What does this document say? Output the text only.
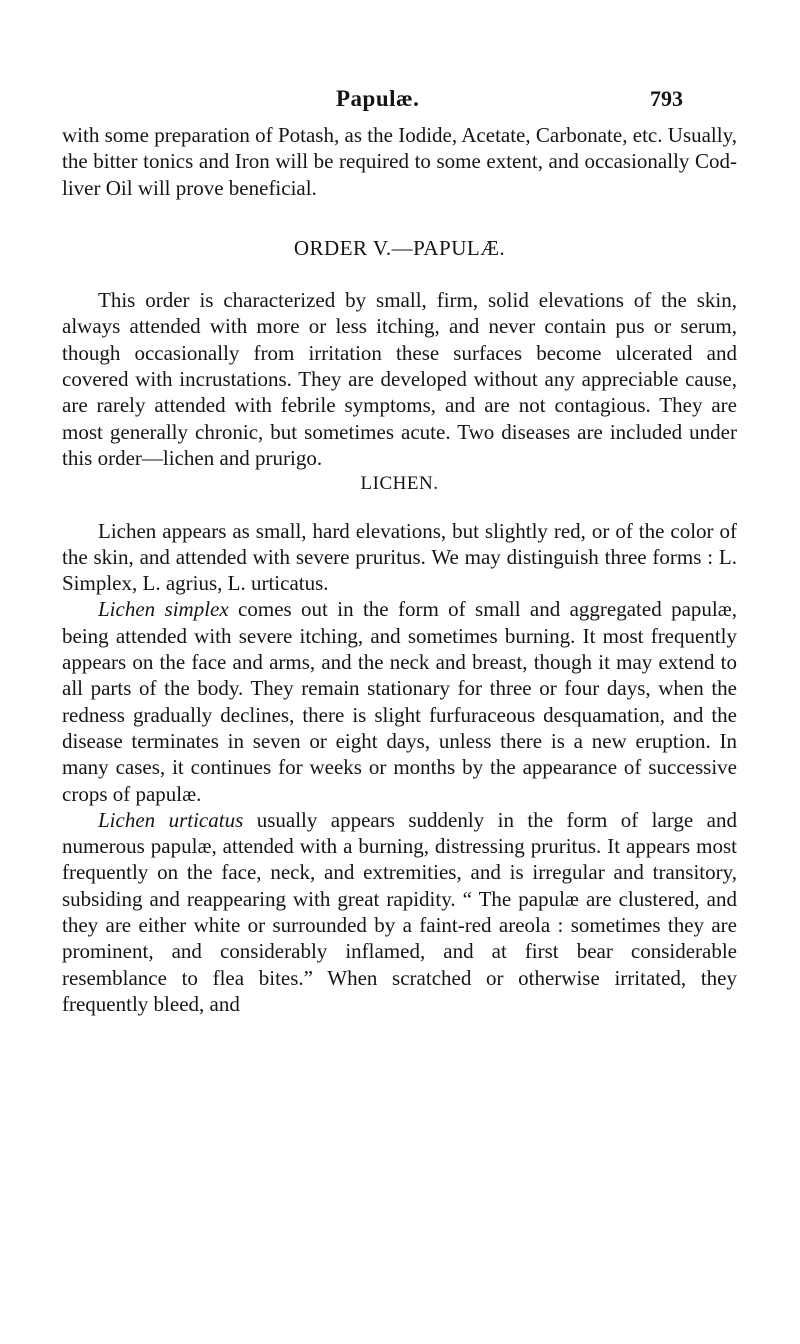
Papulæ.	793

with some preparation of Potash, as the Iodide, Acetate, Carbonate, etc. Usually, the bitter tonics and Iron will be required to some extent, and occasionally Cod-liver Oil will prove beneficial.

ORDER V.—PAPULÆ.

This order is characterized by small, firm, solid elevations of the skin, always attended with more or less itching, and never contain pus or serum, though occasionally from irritation these surfaces become ulcerated and covered with incrustations. They are developed without any appreciable cause, are rarely attended with febrile symptoms, and are not contagious. They are most generally chronic, but sometimes acute. Two diseases are included under this order—lichen and prurigo.

LICHEN.

Lichen appears as small, hard elevations, but slightly red, or of the color of the skin, and attended with severe pruritus. We may distinguish three forms : L. Simplex, L. agrius, L. urticatus.

Lichen simplex comes out in the form of small and aggregated papulæ, being attended with severe itching, and sometimes burning. It most frequently appears on the face and arms, and the neck and breast, though it may extend to all parts of the body. They remain stationary for three or four days, when the redness gradually declines, there is slight furfuraceous desquamation, and the disease terminates in seven or eight days, unless there is a new eruption. In many cases, it continues for weeks or months by the appearance of successive crops of papulæ.

Lichen urticatus usually appears suddenly in the form of large and numerous papulæ, attended with a burning, distressing pruritus. It appears most frequently on the face, neck, and extremities, and is irregular and transitory, subsiding and reappearing with great rapidity. “ The papulæ are clustered, and they are either white or surrounded by a faint-red areola : sometimes they are prominent, and considerably inflamed, and at first bear considerable resemblance to flea bites.” When scratched or otherwise irritated, they frequently bleed, and
